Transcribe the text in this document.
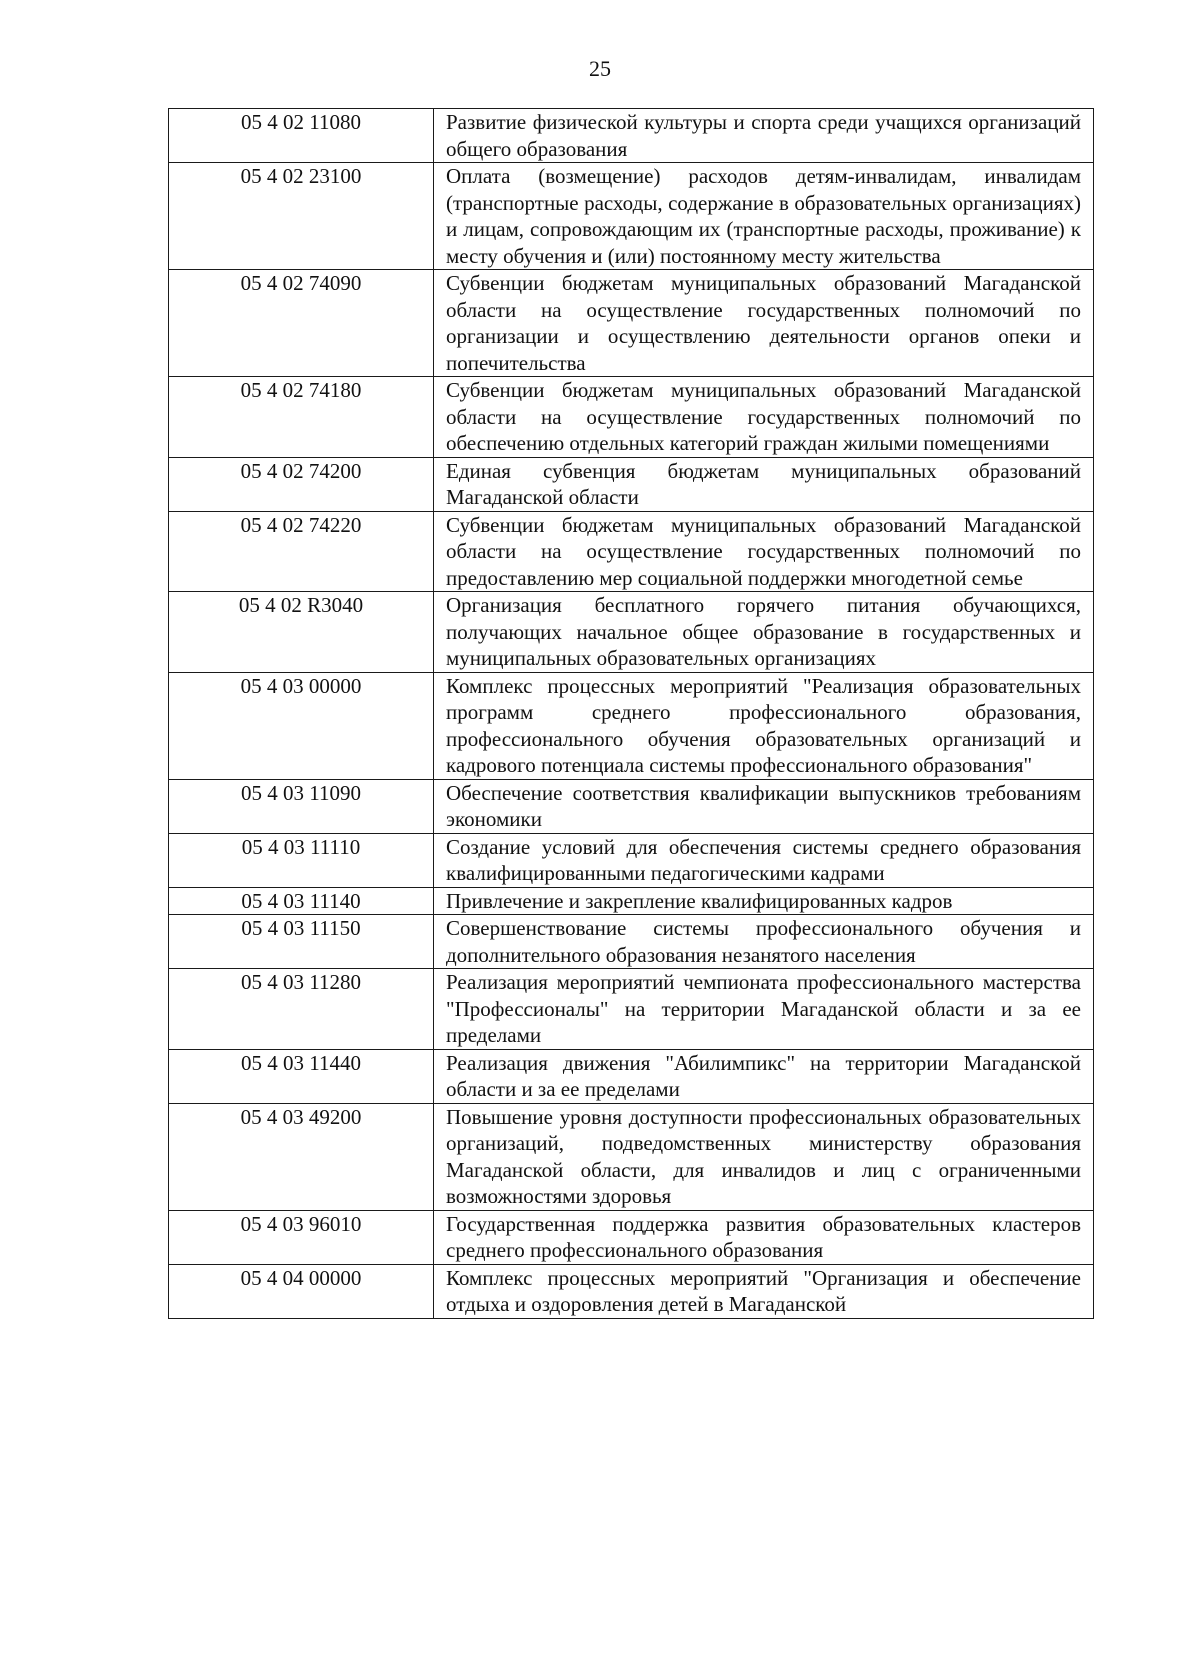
25
05 4 02 11080	Развитие физической культуры и спорта среди учащихся организаций общего образования
05 4 02 23100	Оплата (возмещение) расходов детям-инвалидам, инвалидам (транспортные расходы, содержание в образовательных организациях) и лицам, сопровождающим их (транспортные расходы, проживание) к месту обучения и (или) постоянному месту жительства
05 4 02 74090	Субвенции бюджетам муниципальных образований Магаданской области на осуществление государственных полномочий по организации и осуществлению деятельности органов опеки и попечительства
05 4 02 74180	Субвенции бюджетам муниципальных образований Магаданской области на осуществление государственных полномочий по обеспечению отдельных категорий граждан жилыми помещениями
05 4 02 74200	Единая субвенция бюджетам муниципальных образований Магаданской области
05 4 02 74220	Субвенции бюджетам муниципальных образований Магаданской области на осуществление государственных полномочий по предоставлению мер социальной поддержки многодетной семье
05 4 02 R3040	Организация бесплатного горячего питания обучающихся, получающих начальное общее образование в государственных и муниципальных образовательных организациях
05 4 03 00000	Комплекс процессных мероприятий "Реализация образовательных программ среднего профессионального образования, профессионального обучения образовательных организаций и кадрового потенциала системы профессионального образования"
05 4 03 11090	Обеспечение соответствия квалификации выпускников требованиям экономики
05 4 03 11110	Создание условий для обеспечения системы среднего образования квалифицированными педагогическими кадрами
05 4 03 11140	Привлечение и закрепление квалифицированных кадров
05 4 03 11150	Совершенствование системы профессионального обучения и дополнительного образования незанятого населения
05 4 03 11280	Реализация мероприятий чемпионата профессионального мастерства "Профессионалы" на территории Магаданской области и за ее пределами
05 4 03 11440	Реализация движения "Абилимпикс" на территории Магаданской области и за ее пределами
05 4 03 49200	Повышение уровня доступности профессиональных образовательных организаций, подведомственных министерству образования Магаданской области, для инвалидов и лиц с ограниченными возможностями здоровья
05 4 03 96010	Государственная поддержка развития образовательных кластеров среднего профессионального образования
05 4 04 00000	Комплекс процессных мероприятий "Организация и обеспечение отдыха и оздоровления детей в Магаданской
